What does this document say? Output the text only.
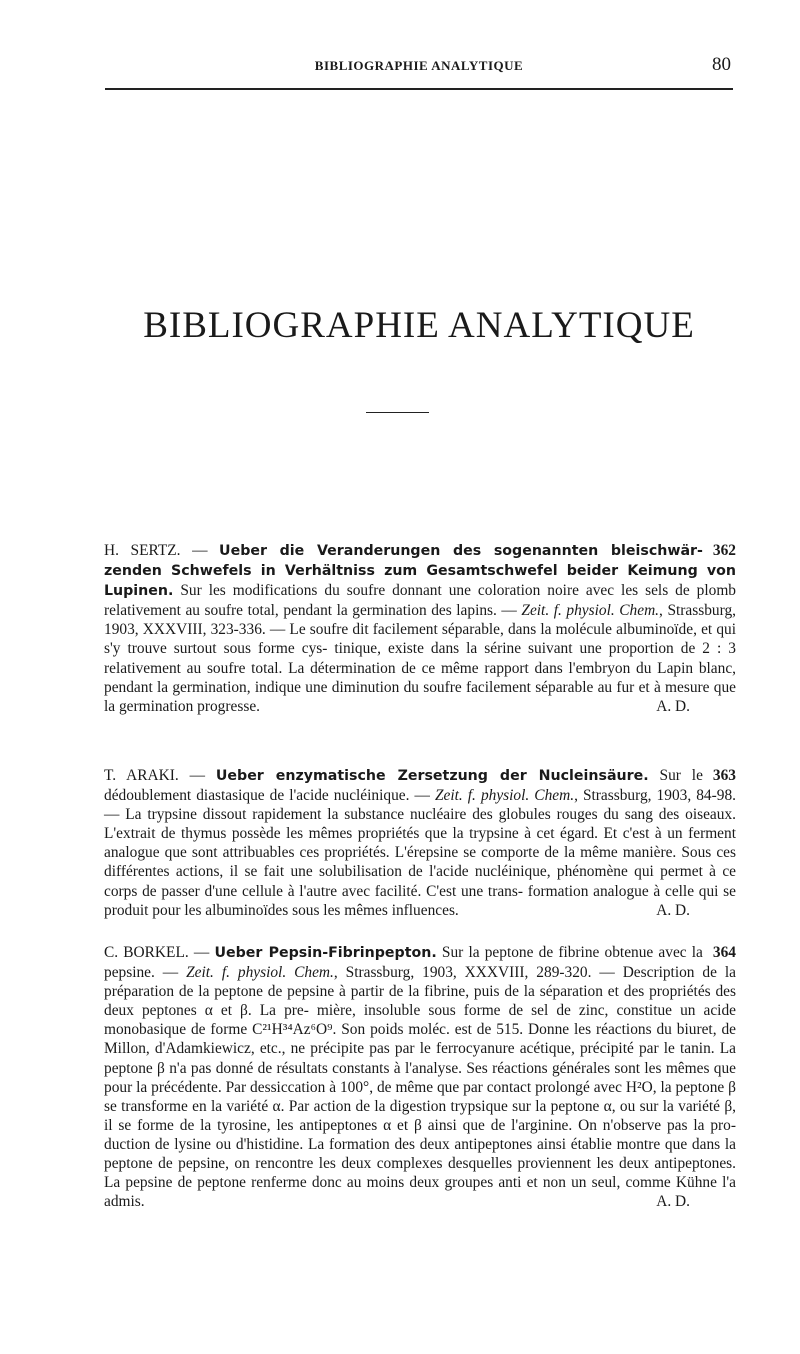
BIBLIOGRAPHIE ANALYTIQUE	80
BIBLIOGRAPHIE ANALYTIQUE

362
H. SERTZ. — Ueber die Veranderungen des sogenannten bleischwär- zenden Schwefels in Verhältniss zum Gesamtschwefel beider Keimung von Lupinen. Sur les modifications du soufre donnant une coloration noire avec les sels de plomb relativement au soufre total, pendant la germination des lapins. — Zeit. f. physiol. Chem., Strassburg, 1903, XXXVIII, 323-336. — Le soufre dit facilement séparable, dans la molécule albuminoïde, et qui s'y trouve surtout sous forme cys- tinique, existe dans la sérine suivant une proportion de 2 : 3 relativement au soufre total. La détermination de ce même rapport dans l'embryon du Lapin blanc, pendant la germination, indique une diminution du soufre facilement séparable au fur et à mesure que la germination progresse.	A. D.

363
T. ARAKI. — Ueber enzymatische Zersetzung der Nucleinsäure. Sur le dédoublement diastasique de l'acide nucléinique. — Zeit. f. physiol. Chem., Strassburg, 1903, 84-98. — La trypsine dissout rapidement la substance nucléaire des globules rouges du sang des oiseaux. L'extrait de thymus possède les mêmes propriétés que la trypsine à cet égard. Et c'est à un ferment analogue que sont attribuables ces propriétés. L'érepsine se comporte de la même manière. Sous ces différentes actions, il se fait une solubilisation de l'acide nucléinique, phénomène qui permet à ce corps de passer d'une cellule à l'autre avec facilité. C'est une trans- formation analogue à celle qui se produit pour les albuminoïdes sous les mêmes influences.	A. D.

364
C. BORKEL. — Ueber Pepsin-Fibrinpepton. Sur la peptone de fibrine obtenue avec la pepsine. — Zeit. f. physiol. Chem., Strassburg, 1903, XXXVIII, 289-320. — Description de la préparation de la peptone de pepsine à partir de la fibrine, puis de la séparation et des propriétés des deux peptones α et β. La pre- mière, insoluble sous forme de sel de zinc, constitue un acide monobasique de forme C²¹H³⁴Az⁶O⁹. Son poids moléc. est de 515. Donne les réactions du biuret, de Millon, d'Adamkiewicz, etc., ne précipite pas par le ferrocyanure acétique, précipité par le tanin. La peptone β n'a pas donné de résultats constants à l'analyse. Ses réactions générales sont les mêmes que pour la précédente. Par dessiccation à 100°, de même que par contact prolongé avec H²O, la peptone β se transforme en la variété α. Par action de la digestion trypsique sur la peptone α, ou sur la variété β, il se forme de la tyrosine, les antipeptones α et β ainsi que de l'arginine. On n'observe pas la pro- duction de lysine ou d'histidine. La formation des deux antipeptones ainsi établie montre que dans la peptone de pepsine, on rencontre les deux complexes desquelles proviennent les deux antipeptones. La pepsine de peptone renferme donc au moins deux groupes anti et non un seul, comme Kühne l'a admis.	A. D.
